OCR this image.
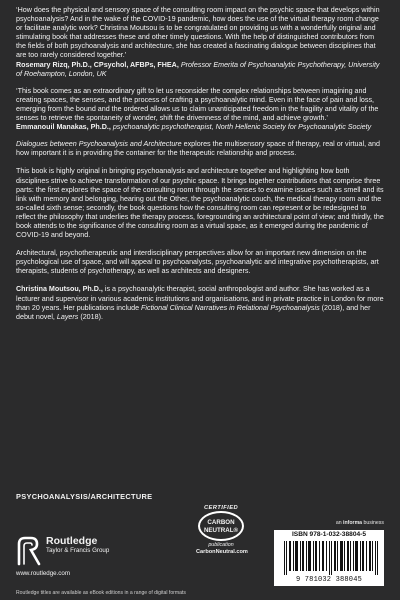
‘How does the physical and sensory space of the consulting room impact on the psychic space that develops within psychoanalysis? And in the wake of the COVID-19 pandemic, how does the use of the virtual therapy room change or facilitate analytic work? Christina Moutsou is to be congratulated on providing us with a wonderfully original and stimulating book that addresses these and other timely questions. With the help of distinguished contributors from the fields of both psychoanalysis and architecture, she has created a fascinating dialogue between disciplines that are too rarely considered together.’

Rosemary Rizq, Ph.D., CPsychol, AFBPs, FHEA, Professor Emerita of Psychoanalytic Psychotherapy, University of Roehampton, London, UK

‘This book comes as an extraordinary gift to let us reconsider the complex relationships between imagining and creating spaces, the senses, and the process of crafting a psychoanalytic mind. Even in the face of pain and loss, emerging from the bound and the ordered allows us to claim unanticipated freedom in the fragility and vitality of the senses to retrieve the spontaneity of wonder, shift the drivenness of the mind, and achieve growth.’

Emmanouil Manakas, Ph.D., psychoanalytic psychotherapist, North Hellenic Society for Psychoanalytic Society

Dialogues between Psychoanalysis and Architecture explores the multisensory space of therapy, real or virtual, and how important it is in providing the container for the therapeutic relationship and process.

This book is highly original in bringing psychoanalysis and architecture together and highlighting how both disciplines strive to achieve transformation of our psychic space. It brings together contributions that comprise three parts: the first explores the space of the consulting room through the senses to examine issues such as smell and its link with memory and belonging, hearing out the Other, the psychoanalytic couch, the medical therapy room and the so-called sixth sense; secondly, the book questions how the consulting room can represent or be redesigned to reflect the philosophy that underlies the therapy process, foregrounding an architectural point of view; and thirdly, the book attends to the significance of the consulting room as a virtual space, as it emerged during the pandemic of COVID-19 and beyond.

Architectural, psychotherapeutic and interdisciplinary perspectives allow for an important new dimension on the psychological use of space, and will appeal to psychoanalysts, psychoanalytic and integrative psychotherapists, art therapists, students of psychotherapy, as well as architects and designers.

Christina Moutsou, Ph.D., is a psychoanalytic therapist, social anthropologist and author. She has worked as a lecturer and supervisor in various academic institutions and organisations, and in private practice in London for more than 20 years. Her publications include Fictional Clinical Narratives in Relational Psychoanalysis (2018), and her debut novel, Layers (2018).

PSYCHOANALYSIS/ARCHITECTURE
Routledge
Taylor & Francis Group
www.routledge.com
CERTIFIED
CARBON NEUTRAL®
publication
CarbonNeutral.com
an informa business
ISBN 978-1-032-38804-5
9 781032 388045
Routledge titles are available as eBook editions in a range of digital formats
